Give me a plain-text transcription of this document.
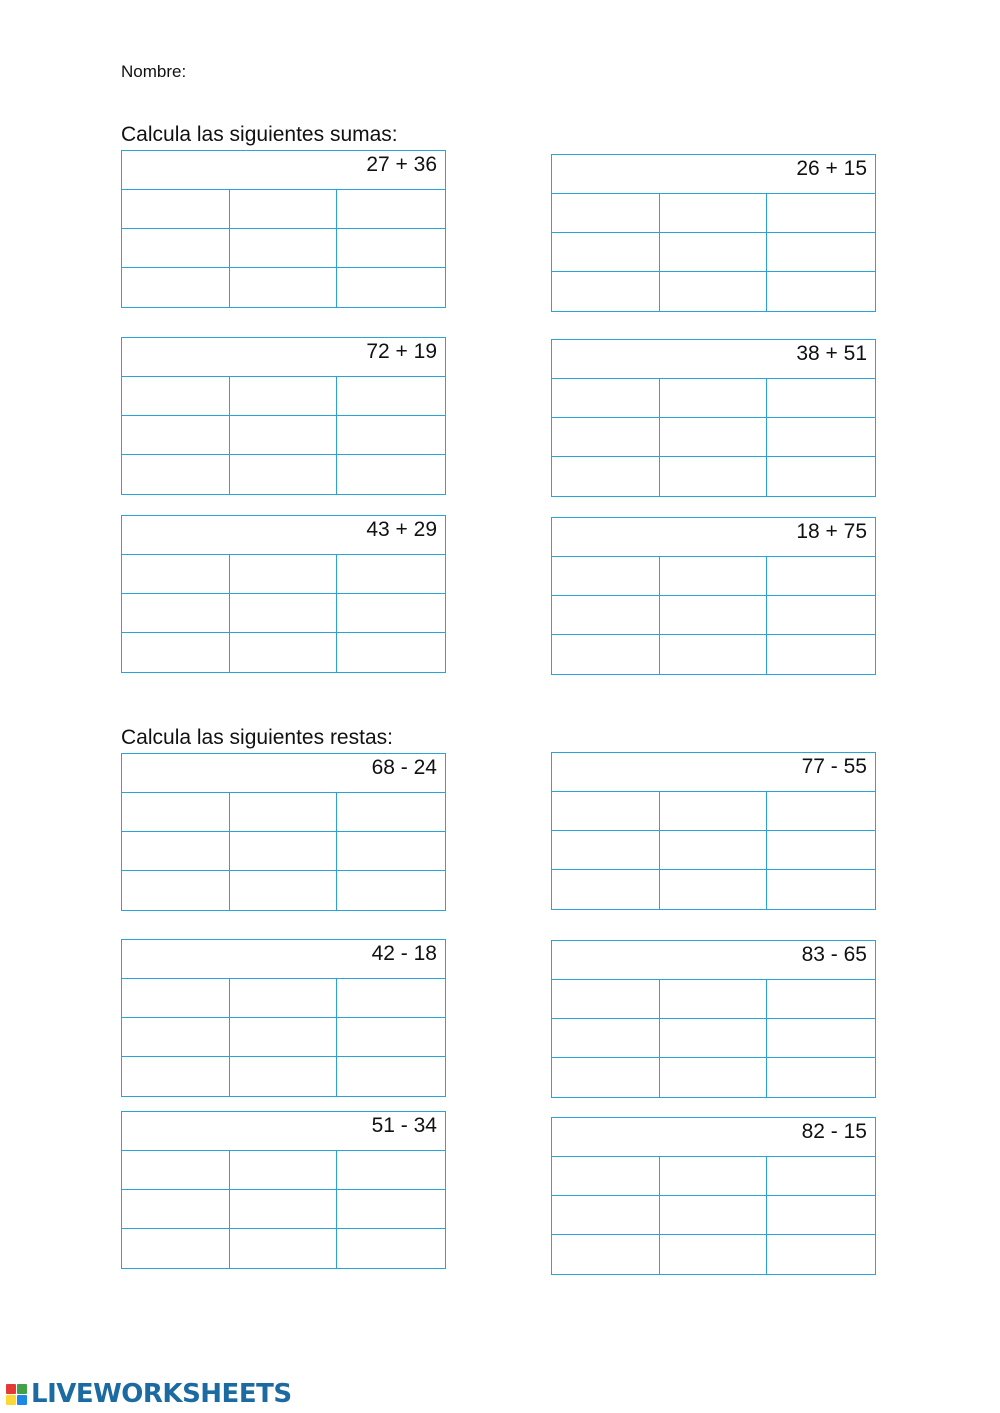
Nombre:
Calcula las siguientes sumas:
Calcula las siguientes restas:
27 + 36	26 + 15
72 + 19	38 + 51
43 + 29	18 + 75
68 - 24	77 - 55
42 - 18	83 - 65
51 - 34	82 - 15
LIVEWORKSHEETS
